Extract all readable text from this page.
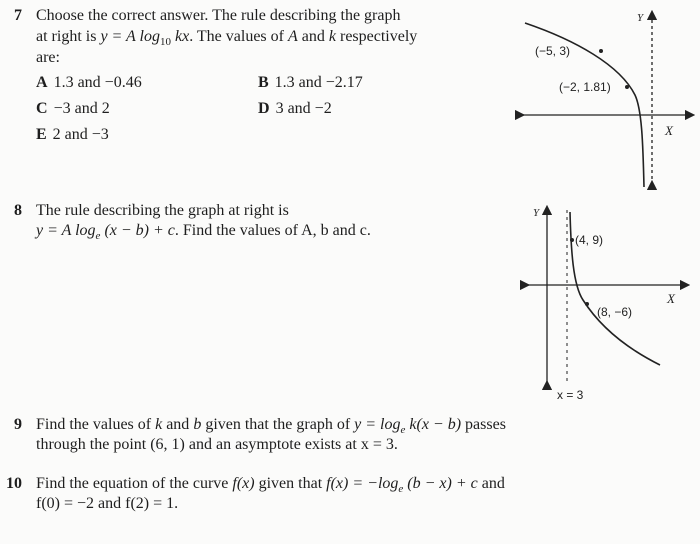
7 Choose the correct answer. The rule describing the graph
at right is y = A $\log_{10}$ kx. The values of A and k respectively
are:
A 1.3 and −0.46	B 1.3 and −2.17
C −3 and 2	D 3 and −2
E 2 and −3
(−5, 3)
(−2, 1.81)
X
Y
8 The rule describing the graph at right is
y = A $\log_e (x - b) + c$. Find the values of A, b and c.
(4, 9)
(8, −6)
X
Y
x = 3
9 Find the values of k and b given that the graph of $y = \log_e k(x - b)$ passes
through the point (6, 1) and an asymptote exists at x = 3.
10 Find the equation of the curve f(x) given that $f(x) = -\log_e$ (b − x) + c and
f(0) = −2 and f(2) = 1.
